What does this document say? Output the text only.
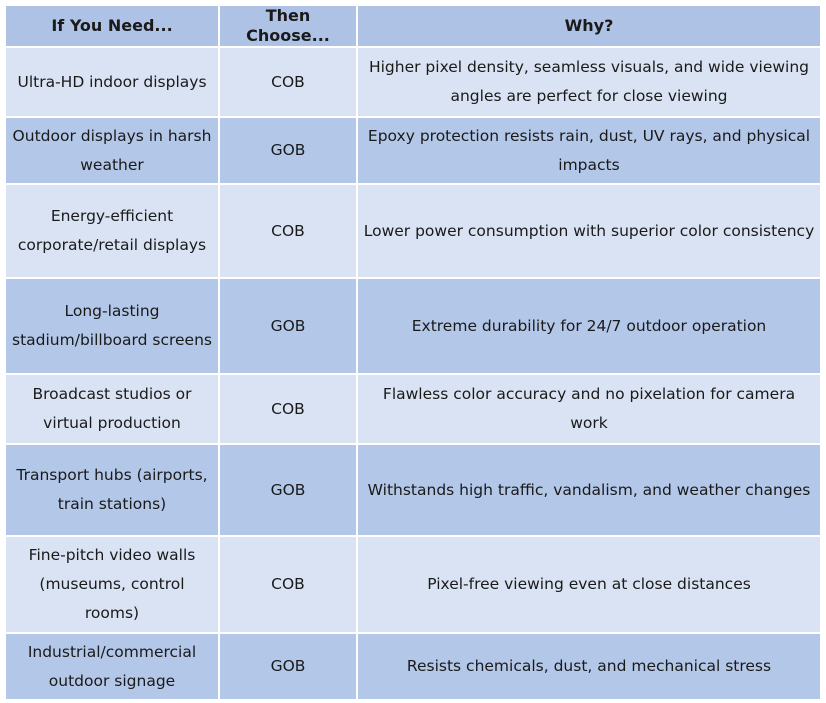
If You Need...	Then Choose...	Why?
Ultra-HD indoor displays	COB	Higher pixel density, seamless visuals, and wide viewing angles are perfect for close viewing
Outdoor displays in harsh weather	GOB	Epoxy protection resists rain, dust, UV rays, and physical impacts
Energy-efficient corporate/retail displays	COB	Lower power consumption with superior color consistency
Long-lasting stadium/billboard screens	GOB	Extreme durability for 24/7 outdoor operation
Broadcast studios or virtual production	COB	Flawless color accuracy and no pixelation for camera work
Transport hubs (airports, train stations)	GOB	Withstands high traffic, vandalism, and weather changes
Fine-pitch video walls (museums, control rooms)	COB	Pixel-free viewing even at close distances
Industrial/commercial outdoor signage	GOB	Resists chemicals, dust, and mechanical stress
